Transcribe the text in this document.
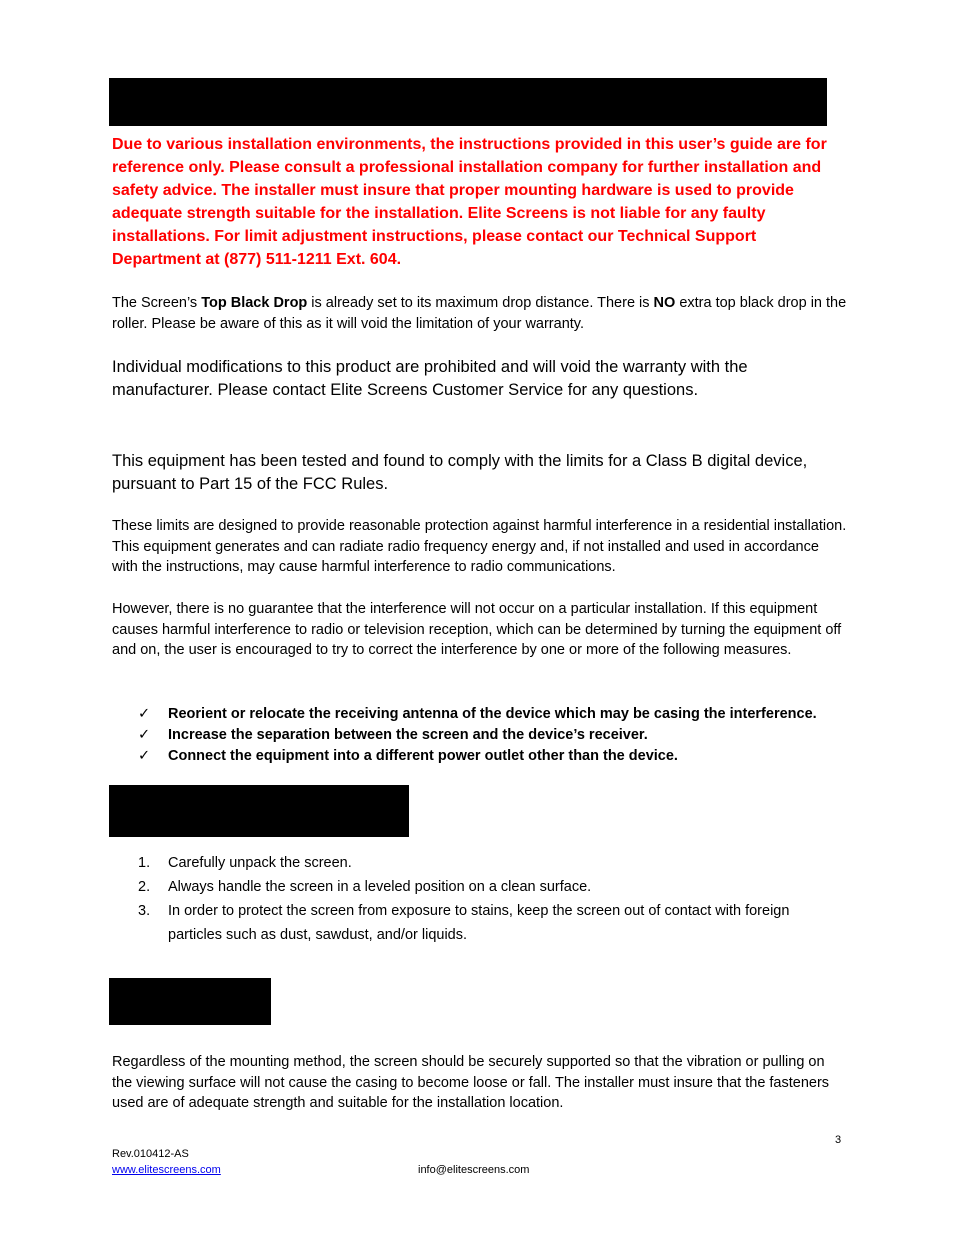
Due to various installation environments, the instructions provided in this user’s guide are for reference only. Please consult a professional installation company for further installation and safety advice. The installer must insure that proper mounting hardware is used to provide adequate strength suitable for the installation. Elite Screens is not liable for any faulty installations. For limit adjustment instructions, please contact our Technical Support Department at (877) 511-1211 Ext. 604.
The Screen’s Top Black Drop is already set to its maximum drop distance. There is NO extra top black drop in the roller. Please be aware of this as it will void the limitation of your warranty.
Individual modifications to this product are prohibited and will void the warranty with the manufacturer. Please contact Elite Screens Customer Service for any questions.
This equipment has been tested and found to comply with the limits for a Class B digital device, pursuant to Part 15 of the FCC Rules.
These limits are designed to provide reasonable protection against harmful interference in a residential installation. This equipment generates and can radiate radio frequency energy and, if not installed and used in accordance with the instructions, may cause harmful interference to radio communications.
However, there is no guarantee that the interference will not occur on a particular installation. If this equipment causes harmful interference to radio or television reception, which can be determined by turning the equipment off and on, the user is encouraged to try to correct the interference by one or more of the following measures.
✓	Reorient or relocate the receiving antenna of the device which may be casing the interference.
✓	Increase the separation between the screen and the device’s receiver.
✓	Connect the equipment into a different power outlet other than the device.
1.	Carefully unpack the screen.
2.	Always handle the screen in a leveled position on a clean surface.
3.	In order to protect the screen from exposure to stains, keep the screen out of contact with foreign particles such as dust, sawdust, and/or liquids.
Regardless of the mounting method, the screen should be securely supported so that the vibration or pulling on the viewing surface will not cause the casing to become loose or fall. The installer must insure that the fasteners used are of adequate strength and suitable for the installation location.
3
Rev.010412-AS
www.elitescreens.com	info@elitescreens.com
